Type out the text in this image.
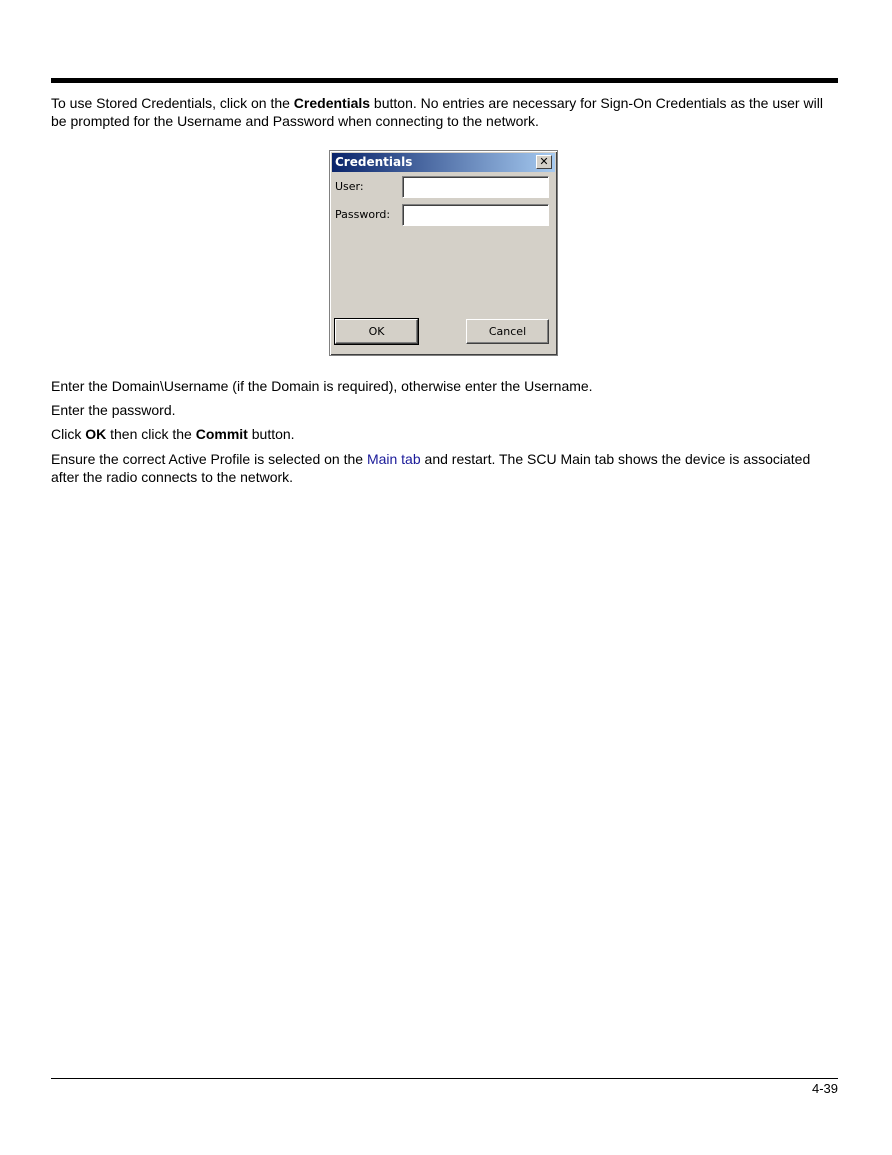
To use Stored Credentials, click on the Credentials button. No entries are necessary for Sign-On Credentials as the user will be prompted for the Username and Password when connecting to the network.

Credentials	✕
User:
Password:
OK	Cancel

Enter the Domain\Username (if the Domain is required), otherwise enter the Username.

Enter the password.

Click OK then click the Commit button.

Ensure the correct Active Profile is selected on the Main tab and restart. The SCU Main tab shows the device is associated after the radio connects to the network.

4-39
